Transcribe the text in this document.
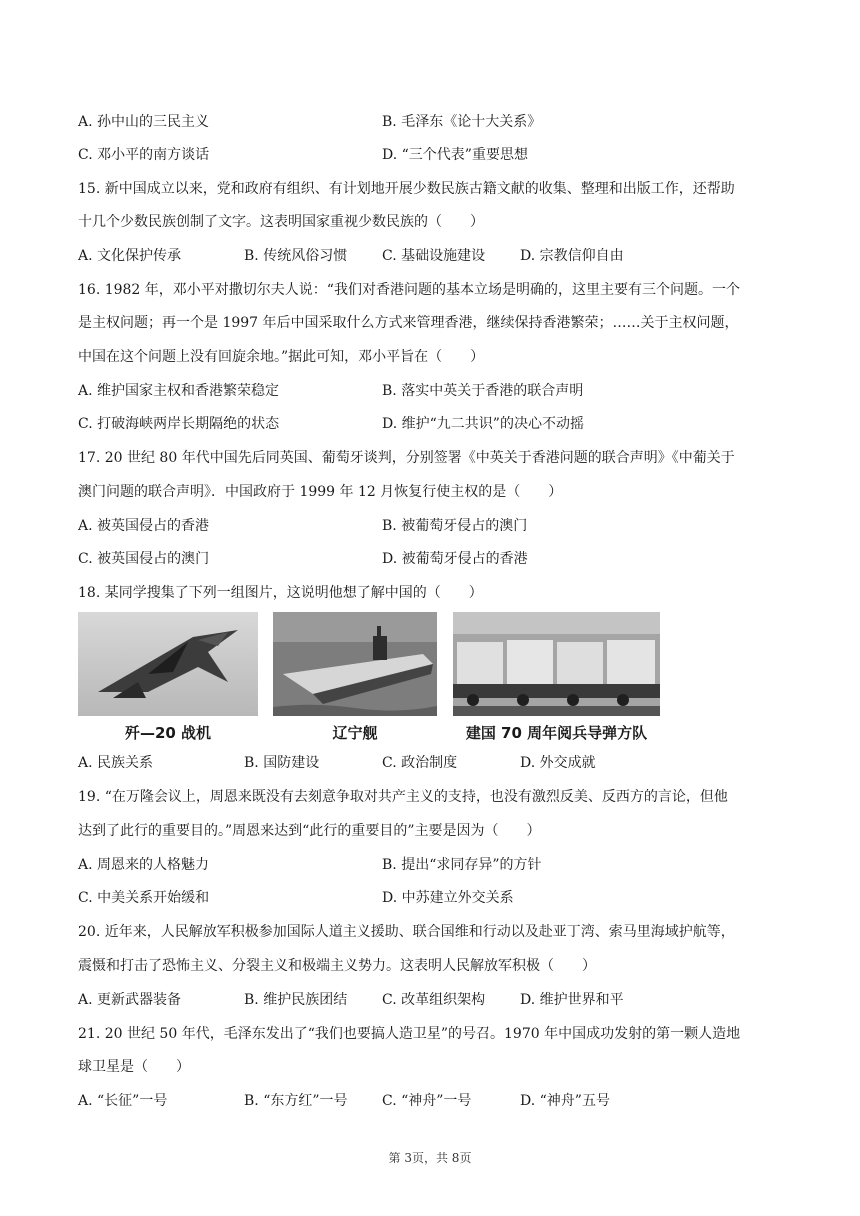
A. 孙中山的三民主义	B. 毛泽东《论十大关系》
C. 邓小平的南方谈话	D. “三个代表”重要思想
15. 新中国成立以来，党和政府有组织、有计划地开展少数民族古籍文献的收集、整理和出版工作，还帮助
十几个少数民族创制了文字。这表明国家重视少数民族的（　　）
A. 文化保护传承	B. 传统风俗习惯 C. 基础设施建设 D. 宗教信仰自由
16. 1982 年，邓小平对撒切尔夫人说：“我们对香港问题的基本立场是明确的，这里主要有三个问题。一个
是主权问题；再一个是 1997 年后中国采取什么方式来管理香港，继续保持香港繁荣；……关于主权问题，
中国在这个问题上没有回旋余地。”据此可知，邓小平旨在（　　）
A. 维护国家主权和香港繁荣稳定	B. 落实中英关于香港的联合声明
C. 打破海峡两岸长期隔绝的状态	D. 维护“九二共识”的决心不动摇
17. 20 世纪 80 年代中国先后同英国、葡萄牙谈判，分别签署《中英关于香港问题的联合声明》《中葡关于
澳门问题的联合声明》．中国政府于 1999 年 12 月恢复行使主权的是（　　）
A. 被英国侵占的香港	B. 被葡萄牙侵占的澳门
C. 被英国侵占的澳门	D. 被葡萄牙侵占的香港
18. 某同学搜集了下列一组图片，这说明他想了解中国的（　　）
歼—20 战机	辽宁舰	建国 70 周年阅兵导弹方队
A. 民族关系	B. 国防建设	C. 政治制度	D. 外交成就
19. “在万隆会议上，周恩来既没有去刻意争取对共产主义的支持，也没有激烈反美、反西方的言论，但他
达到了此行的重要目的。”周恩来达到“此行的重要目的”主要是因为（　　）
A. 周恩来的人格魅力	B. 提出“求同存异”的方针
C. 中美关系开始缓和	D. 中苏建立外交关系
20. 近年来，人民解放军积极参加国际人道主义援助、联合国维和行动以及赴亚丁湾、索马里海域护航等，
震慑和打击了恐怖主义、分裂主义和极端主义势力。这表明人民解放军积极（　　）
A. 更新武器装备	B. 维护民族团结 C. 改革组织架构 D. 维护世界和平
21. 20 世纪 50 年代，毛泽东发出了“我们也要搞人造卫星”的号召。1970 年中国成功发射的第一颗人造地
球卫星是（　　）
A. “长征”一号	B. “东方红”一号 C. “神舟”一号	D. “神舟”五号
第 3页，共 8页
